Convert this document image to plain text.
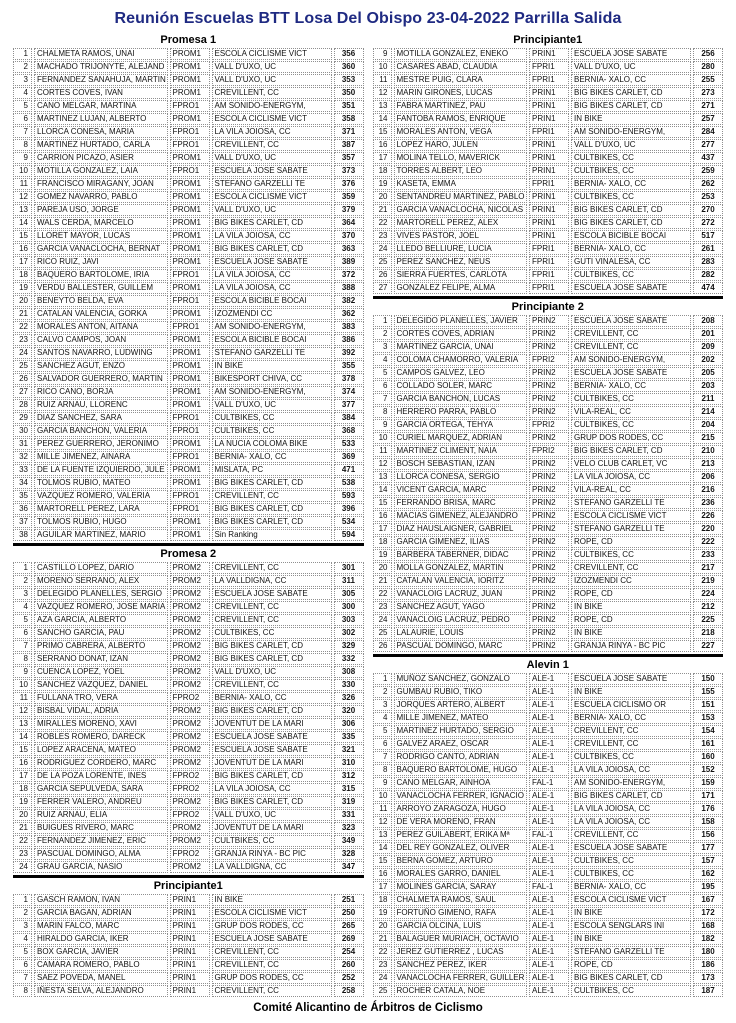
Reunión Escuelas BTT Losa Del Obispo 23-04-2022 Parrilla Salida
Promesa 1
1	CHALMETA RAMOS, UNAI	PROM1	ESCOLA CICLISME VICT	356
2	MACHADO TRIJONYTE, ALEJAND	PROM1	VALL D'UXO, UC	360
3	FERNANDEZ SANAHUJA, MARTIN PROM1	VALL D'UXO, UC	353
4	CORTES COVES, IVAN	PROM1	CREVILLENT, CC	350
5	CANO MELGAR, MARTINA	FPRO1	AM SONIDO-ENERGYM,	351
6	MARTINEZ LUJAN, ALBERTO	PROM1	ESCOLA CICLISME VICT	358
7	LLORCA CONESA, MARIA	FPRO1	LA VILA JOIOSA, CC	371
8	MARTINEZ HURTADO, CARLA	FPRO1	CREVILLENT, CC	387
9	CARRION PICAZO, ASIER	PROM1	VALL D'UXO, UC	357
10	MOTILLA GONZALEZ, LAIA	FPRO1	ESCUELA JOSE SABATE	373
11	FRANCISCO MIRAGANY, JOAN	PROM1	STEFANO GARZELLI TE	376
12	GOMEZ NAVARRO, PABLO	PROM1	ESCOLA CICLISME VICT	359
13	PAREJA USO, JORGE	PROM1	VALL D'UXO, UC	379
14	WALS CERDA, MARCELO	PROM1	BIG BIKES CARLET, CD	364
15	LLORET MAYOR, LUCAS	PROM1	LA VILA JOIOSA, CC	370
16	GARCIA VANACLOCHA, BERNAT	PROM1	BIG BIKES CARLET, CD	363
17	RICO RUIZ, JAVI	PROM1	ESCUELA JOSE SABATE	389
18	BAQUERO BARTOLOME, IRIA	FPRO1	LA VILA JOIOSA, CC	372
19	VERDU BALLESTER, GUILLEM	PROM1	LA VILA JOIOSA, CC	388
20	BENEYTO BELDA, EVA	FPRO1	ESCOLA BICIBLE BOCAI	382
21	CATALAN VALENCIA, GORKA	PROM1	IZOZMENDI CC	362
22	MORALES ANTON, AITANA	FPRO1	AM SONIDO-ENERGYM,	383
23	CALVO CAMPOS, JOAN	PROM1	ESCOLA BICIBLE BOCAI	386
24	SANTOS NAVARRO, LUDWING	PROM1	STEFANO GARZELLI TE	392
25	SANCHEZ AGUT, ENZO	PROM1	IN BIKE	355
26	SALVADOR GUERRERO, MARTIN	PROM1	BIKESPORT CHIVA, CC	378
27	RICO CANO, BORJA	PROM1	AM SONIDO-ENERGYM,	374
28	RUIZ ARNAU, LLORENC	PROM1	VALL D'UXO, UC	377
29	DIAZ SANCHEZ, SARA	FPRO1	CULTBIKES, CC	384
30	GARCIA BANCHON, VALERIA	FPRO1	CULTBIKES, CC	368
31	PEREZ GUERRERO, JERONIMO	PROM1	LA NUCIA COLOMA BIKE	533
32	MILLE JIMENEZ, AINARA	FPRO1	BERNIA- XALO, CC	369
33	DE LA FUENTE IZQUIERDO, JULE PROM1	MISLATA, PC	471
34	TOLMOS RUBIO, MATEO	PROM1	BIG BIKES CARLET, CD	538
35	VAZQUEZ ROMERO, VALERIA	FPRO1	CREVILLENT, CC	593
36	MARTORELL PEREZ, LARA	FPRO1	BIG BIKES CARLET, CD	396
37	TOLMOS RUBIO, HUGO	PROM1	BIG BIKES CARLET, CD	534
38	AGUILAR MARTINEZ, MARIO	PROM1	Sin Ranking	594
Promesa 2
1	CASTILLO LOPEZ, DARIO	PROM2	CREVILLENT, CC	301
2	MORENO SERRANO, ALEX	PROM2	LA VALLDIGNA, CC	311
3	DELEGIDO PLANELLES, SERGIO	PROM2	ESCUELA JOSE SABATE	305
4	VAZQUEZ ROMERO, JOSE MARIA PROM2	CREVILLENT, CC	300
5	AZA GARCIA, ALBERTO	PROM2	CREVILLENT, CC	303
6	SANCHO GARCIA, PAU	PROM2	CULTBIKES, CC	302
7	PRIMO CABRERA, ALBERTO	PROM2	BIG BIKES CARLET, CD	329
8	SERRANO DONAT, IZAN	PROM2	BIG BIKES CARLET, CD	332
9	CUENCA LOPEZ, YOEL	PROM2	VALL D'UXO, UC	308
10	SANCHEZ VAZQUEZ, DANIEL	PROM2	CREVILLENT, CC	330
11	FULLANA TRO, VERA	FPRO2	BERNIA- XALO, CC	326
12	BISBAL VIDAL, ADRIA	PROM2	BIG BIKES CARLET, CD	320
13	MIRALLES MORENO, XAVI	PROM2	JOVENTUT DE LA MARI	306
14	ROBLES ROMERO, DARECK	PROM2	ESCUELA JOSE SABATE	335
15	LOPEZ ARACENA, MATEO	PROM2	ESCUELA JOSE SABATE	321
16	RODRIGUEZ CORDERO, MARC	PROM2	JOVENTUT DE LA MARI	310
17	DE LA POZA LORENTE, INES	FPRO2	BIG BIKES CARLET, CD	312
18	GARCIA SEPULVEDA, SARA	FPRO2	LA VILA JOIOSA, CC	315
19	FERRER VALERO, ANDREU	PROM2	BIG BIKES CARLET, CD	319
20	RUIZ ARNAU, ELIA	FPRO2	VALL D'UXO, UC	331
21	BUIGUES RIVERO, MARC	PROM2	JOVENTUT DE LA MARI	323
22	FERNANDEZ JIMENEZ, ERIC	PROM2	CULTBIKES, CC	349
23	PASCUAL DOMINGO, ALMA	FPRO2	GRANJA RINYA - BC PIC	328
24	GRAU GARCIA, NASIO	PROM2	LA VALLDIGNA, CC	347
Principiante1
1	GASCH RAMON, IVAN	PRIN1	IN BIKE	251
2	GARCIA BAGAN, ADRIAN	PRIN1	ESCOLA CICLISME VICT	250
3	MARIN FALCO, MARC	PRIN1	GRUP DOS RODES, CC	265
4	HIRALDO GARCIA, IKER	PRIN1	ESCUELA JOSE SABATE	269
5	BOX GARCIA, JAVIER	PRIN1	CREVILLENT, CC	254
6	CAMARA ROMERO, PABLO	PRIN1	CREVILLENT, CC	260
7	SAEZ POVEDA, MANEL	PRIN1	GRUP DOS RODES, CC	252
8	IÑESTA SELVA, ALEJANDRO	PRIN1	CREVILLENT, CC	258
Principiante1
9	MOTILLA GONZALEZ, ENEKO	PRIN1	ESCUELA JOSE SABATE	256
10	CASARES ABAD, CLAUDIA	FPRI1	VALL D'UXO, UC	280
11	MESTRE PUIG, CLARA	FPRI1	BERNIA- XALO, CC	255
12	MARIN GIRONES, LUCAS	PRIN1	BIG BIKES CARLET, CD	273
13	FABRA MARTINEZ, PAU	PRIN1	BIG BIKES CARLET, CD	271
14	FANTOBA RAMOS, ENRIQUE	PRIN1	IN BIKE	257
15	MORALES ANTON, VEGA	FPRI1	AM SONIDO-ENERGYM,	284
16	LOPEZ HARO, JULEN	PRIN1	VALL D'UXO, UC	277
17	MOLINA TELLO, MAVERICK	PRIN1	CULTBIKES, CC	437
18	TORRES ALBERT, LEO	PRIN1	CULTBIKES, CC	259
19	KASETA, EMMA	FPRI1	BERNIA- XALO, CC	262
20	SENTANDREU MARTINEZ, PABLO PRIN1	CULTBIKES, CC	253
21	GARCIA VANACLOCHA, NICOLAS	PRIN1	BIG BIKES CARLET, CD	270
22	MARTORELL PEREZ, ALEX	PRIN1	BIG BIKES CARLET, CD	272
23	VIVES PASTOR, JOEL	PRIN1	ESCOLA BICIBLE BOCAI	517
24	LLEDO BELLIURE, LUCIA	FPRI1	BERNIA- XALO, CC	261
25	PEREZ SANCHEZ, NEUS	FPRI1	GUTI VINALESA, CC	283
26	SIERRA FUERTES, CARLOTA	FPRI1	CULTBIKES, CC	282
27	GONZALEZ FELIPE, ALMA	FPRI1	ESCUELA JOSE SABATE	474
Principiante 2
1	DELEGIDO PLANELLES, JAVIER	PRIN2	ESCUELA JOSE SABATE	208
2	CORTES COVES, ADRIAN	PRIN2	CREVILLENT, CC	201
3	MARTINEZ GARCIA, UNAI	PRIN2	CREVILLENT, CC	209
4	COLOMA CHAMORRO, VALERIA	FPRI2	AM SONIDO-ENERGYM,	202
5	CAMPOS GALVEZ, LEO	PRIN2	ESCUELA JOSE SABATE	205
6	COLLADO SOLER, MARC	PRIN2	BERNIA- XALO, CC	203
7	GARCIA BANCHON, LUCAS	PRIN2	CULTBIKES, CC	211
8	HERRERO PARRA, PABLO	PRIN2	VILA-REAL, CC	214
9	GARCIA ORTEGA, TEHYA	FPRI2	CULTBIKES, CC	204
10	CURIEL MARQUEZ, ADRIAN	PRIN2	GRUP DOS RODES, CC	215
11	MARTINEZ CLIMENT, NAIA	FPRI2	BIG BIKES CARLET, CD	210
12	BOSCH SEBASTIAN, IZAN	PRIN2	VELO CLUB CARLET, VC	213
13	LLORCA CONESA, SERGIO	PRIN2	LA VILA JOIOSA, CC	206
14	VICENT GARCIA, MARC	PRIN2	VILA-REAL, CC	216
15	FERRANDO BRISA, MARC	PRIN2	STEFANO GARZELLI TE	236
16	MACIAS GIMENEZ, ALEJANDRO	PRIN2	ESCOLA CICLISME VICT	226
17	DIAZ HAUSLAIGNER, GABRIEL	PRIN2	STEFANO GARZELLI TE	220
18	GARCIA GIMENEZ, ILIAS	PRIN2	ROPE, CD	222
19	BARBERA TABERNER, DIDAC	PRIN2	CULTBIKES, CC	233
20	MOLLA GONZALEZ, MARTIN	PRIN2	CREVILLENT, CC	217
21	CATALAN VALENCIA, IORITZ	PRIN2	IZOZMENDI CC	219
22	VANACLOIG LACRUZ, JUAN	PRIN2	ROPE, CD	224
23	SANCHEZ AGUT, YAGO	PRIN2	IN BIKE	212
24	VANACLOIG LACRUZ, PEDRO	PRIN2	ROPE, CD	225
25	LALAURIE, LOUIS	PRIN2	IN BIKE	218
26	PASCUAL DOMINGO, MARC	PRIN2	GRANJA RINYA - BC PIC	227
Alevin 1
1	MUÑOZ SANCHEZ, GONZALO	ALE-1	ESCUELA JOSE SABATE	150
2	GUMBAU RUBIO, TIKO	ALE-1	IN BIKE	155
3	JORQUES ARTERO, ALBERT	ALE-1	ESCUELA CICLISMO OR	151
4	MILLE JIMENEZ, MATEO	ALE-1	BERNIA- XALO, CC	153
5	MARTINEZ HURTADO, SERGIO	ALE-1	CREVILLENT, CC	154
6	GALVEZ ARAEZ, OSCAR	ALE-1	CREVILLENT, CC	161
7	RODRIGO CANTO, ADRIAN	ALE-1	CULTBIKES, CC	160
8	BAQUERO BARTOLOME, HUGO	ALE-1	LA VILA JOIOSA, CC	152
9	CANO MELGAR, AINHOA	FAL-1	AM SONIDO-ENERGYM,	159
10	VANACLOCHA FERRER, IGNACIO	ALE-1	BIG BIKES CARLET, CD	171
11	ARROYO ZARAGOZA, HUGO	ALE-1	LA VILA JOIOSA, CC	176
12	DE VERA MORENO, FRAN	ALE-1	LA VILA JOIOSA, CC	158
13	PEREZ GUILABERT, ERIKA Mª	FAL-1	CREVILLENT, CC	156
14	DEL REY GONZALEZ, OLIVER	ALE-1	ESCUELA JOSE SABATE	177
15	BERNA GOMEZ, ARTURO	ALE-1	CULTBIKES, CC	157
16	MORALES GARRO, DANIEL	ALE-1	CULTBIKES, CC	162
17	MOLINES GARCIA, SARAY	FAL-1	BERNIA- XALO, CC	195
18	CHALMETA RAMOS, SAUL	ALE-1	ESCOLA CICLISME VICT	167
19	FORTUÑO GIMENO, RAFA	ALE-1	IN BIKE	172
20	GARCIA OLCINA, LUIS	ALE-1	ESCOLA SENGLARS INI	168
21	BALAGUER MURIACH, OCTAVIO	ALE-1	IN BIKE	182
22	JEREZ GUTIERREZ , LUCAS	ALE-1	STEFANO GARZELLI TE	180
23	SANCHEZ PEREZ, IKER	ALE-1	ROPE, CD	186
24	VANACLOCHA FERRER, GUILLER ALE-1	BIG BIKES CARLET, CD	173
25	ROCHER CATALA, NOE	ALE-1	CULTBIKES, CC	187
Comité Alicantino de Árbitros de Ciclismo
